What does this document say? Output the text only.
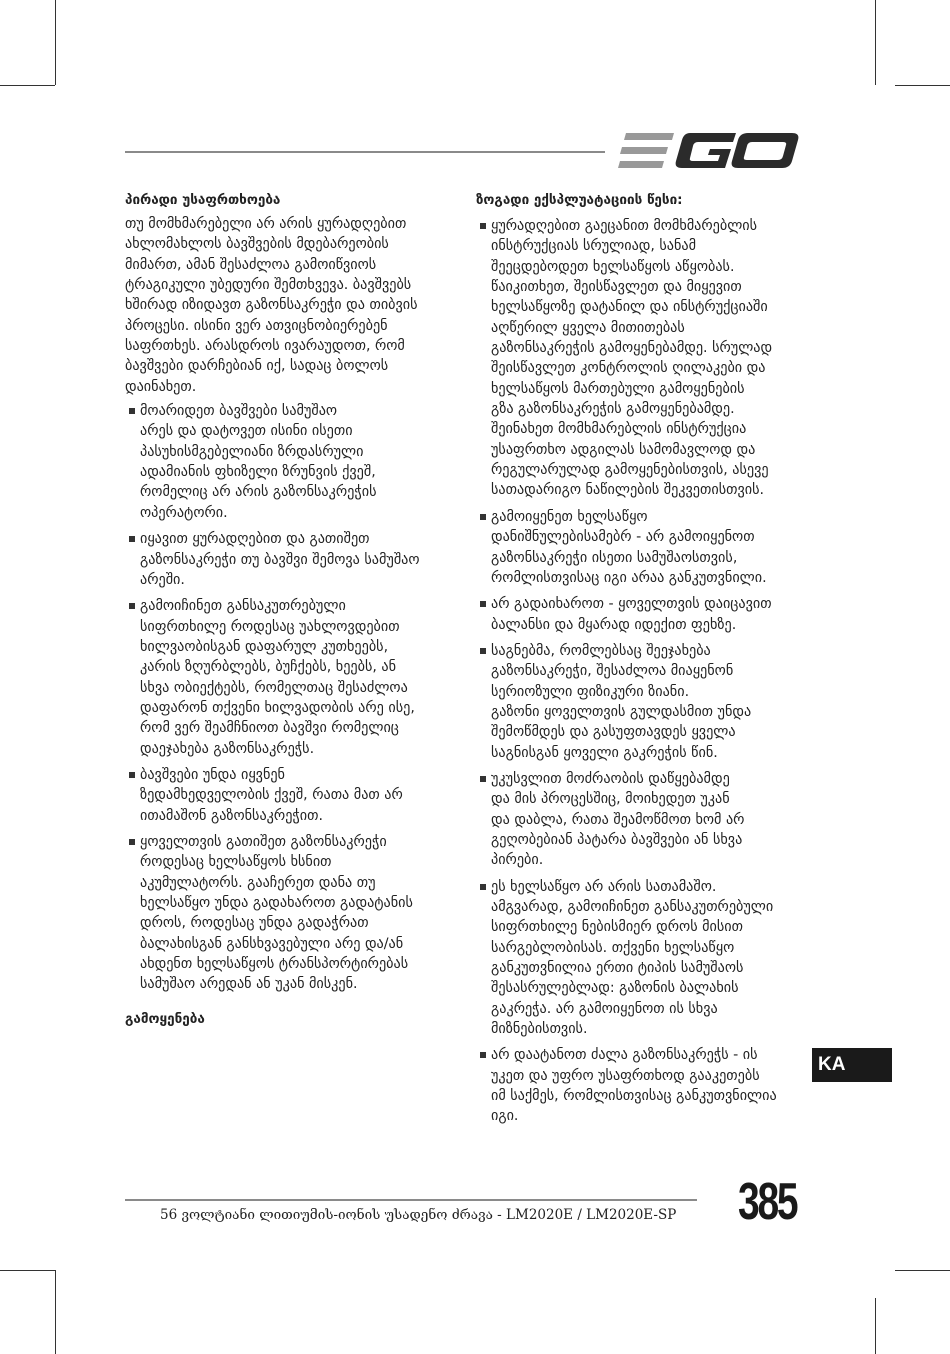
პირადი უსაფრთხოება
თუ მომხმარებელი არ არის ყურადღებით
ახლომახლოს ბავშვების მდებარეობის
მიმართ, ამან შესაძლოა გამოიწვიოს
ტრაგიკული უბედური შემთხვევა. ბავშვებს
ხშირად იზიდავთ გაზონსაკრეჭი და თიბვის
პროცესი. ისინი ვერ ათვიცნობიერებენ
საფრთხეს. არასდროს ივარაუდოთ, რომ
ბავშვები დარჩებიან იქ, სადაც ბოლოს
დაინახეთ.
მოარიდეთ ბავშვები სამუშაო
არეს და დატოვეთ ისინი ისეთი
პასუხისმგებელიანი ზრდასრული
ადამიანის ფხიზელი ზრუნვის ქვეშ,
რომელიც არ არის გაზონსაკრეჭის
ოპერატორი.
იყავით ყურადღებით და გათიშეთ
გაზონსაკრეჭი თუ ბავშვი შემოვა სამუშაო
არეში.
გამოიჩინეთ განსაკუთრებული
სიფრთხილე როდესაც უახლოვდებით
ხილვაობისგან დაფარულ კუთხეებს,
კარის ზღურბლებს, ბუჩქებს, ხეებს, ან
სხვა ობიექტებს, რომელთაც შესაძლოა
დაფარონ თქვენი ხილვადობის არე ისე,
რომ ვერ შეამჩნიოთ ბავშვი რომელიც
დაეჯახება გაზონსაკრეჭს.
ბავშვები უნდა იყვნენ
ზედამხედველობის ქვეშ, რათა მათ არ
ითამაშონ გაზონსაკრეჭით.
ყოველთვის გათიშეთ გაზონსაკრეჭი
როდესაც ხელსაწყოს ხსნით
აკუმულატორს. გააჩერეთ დანა თუ
ხელსაწყო უნდა გადახაროთ გადატანის
დროს, როდესაც უნდა გადაჭრათ
ბალახისგან განსხვავებული არე და/ან
ახდენთ ხელსაწყოს ტრანსპორტირებას
სამუშაო არედან ან უკან მისკენ.
გამოყენება
ზოგადი ექსპლუატაციის წესი:
ყურადღებით გაეცანით მომხმარებლის
ინსტრუქციას სრულიად, სანამ
შეეცდებოდეთ ხელსაწყოს აწყობას.
წაიკითხეთ, შეისწავლეთ და მიყევით
ხელსაწყოზე დატანილ და ინსტრუქციაში
აღწერილ ყველა მითითებას
გაზონსაკრეჭის გამოყენებამდე. სრულად
შეისწავლეთ კონტროლის ღილაკები და
ხელსაწყოს მართებული გამოყენების
გზა გაზონსაკრეჭის გამოყენებამდე.
შეინახეთ მომხმარებლის ინსტრუქცია
უსაფრთხო ადგილას სამომავლოდ და
რეგულარულად გამოყენებისთვის, ასევე
სათადარიგო ნაწილების შეკვეთისთვის.
გამოიყენეთ ხელსაწყო
დანიშნულებისამებრ - არ გამოიყენოთ
გაზონსაკრეჭი ისეთი სამუშაოსთვის,
რომლისთვისაც იგი არაა განკუთვნილი.
არ გადაიხაროთ - ყოველთვის დაიცავით
ბალანსი და მყარად იდექით ფეხზე.
საგნებმა, რომლებსაც შეეჯახება
გაზონსაკრეჭი, შესაძლოა მიაყენონ
სერიოზული ფიზიკური ზიანი.
გაზონი ყოველთვის გულდასმით უნდა
შემოწმდეს და გასუფთავდეს ყველა
საგნისგან ყოველი გაკრეჭის წინ.
უკუსვლით მოძრაობის დაწყებამდე
და მის პროცესშიც, მოიხედეთ უკან
და დაბლა, რათა შეამოწმოთ ხომ არ
გეღობებიან პატარა ბავშვები ან სხვა
პირები.
ეს ხელსაწყო არ არის სათამაშო.
ამგვარად, გამოიჩინეთ განსაკუთრებული
სიფრთხილე ნებისმიერ დროს მისით
სარგებლობისას. თქვენი ხელსაწყო
განკუთვნილია ერთი ტიპის სამუშაოს
შესასრულებლად: გაზონის ბალახის
გაკრეჭა. არ გამოიყენოთ ის სხვა
მიზნებისთვის.
არ დაატანოთ ძალა გაზონსაკრეჭს - ის
უკეთ და უფრო უსაფრთხოდ გააკეთებს
იმ საქმეს, რომლისთვისაც განკუთვნილია
იგი.
KA
56 ვოლტიანი ლითიუმის-იონის უსადენო ძრავა - LM2020E / LM2020E-SP 385
